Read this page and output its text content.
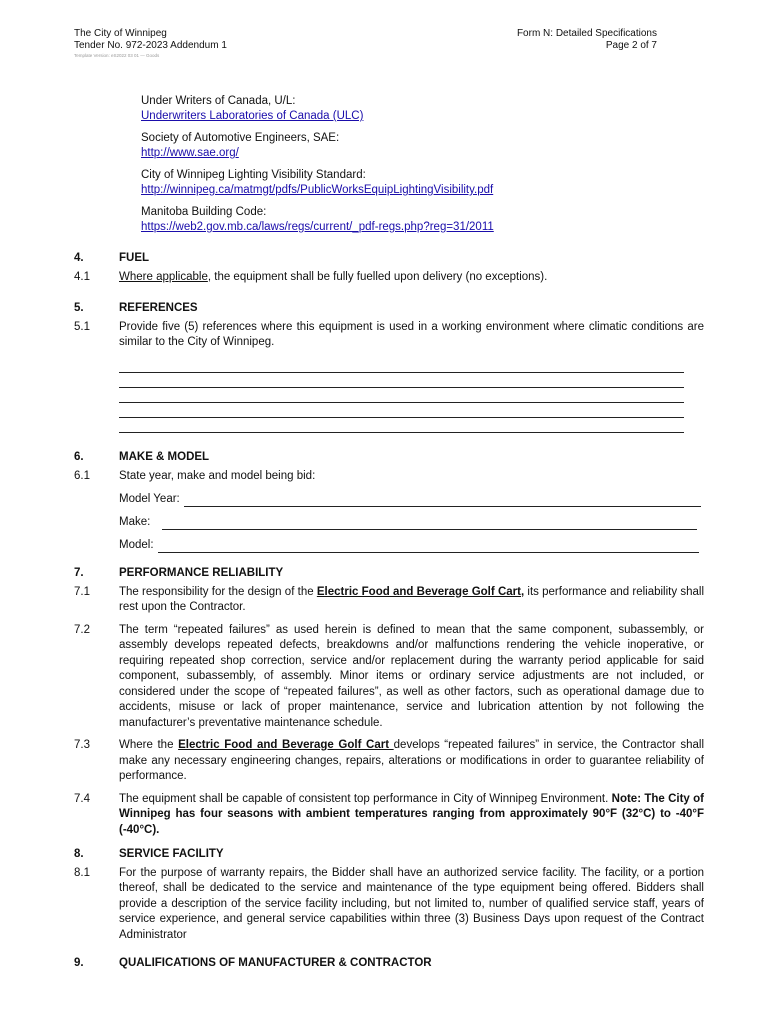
The City of Winnipeg
Tender No. 972-2023 Addendum 1
Template Version: eS2022 03 01 — Goods
Form N: Detailed Specifications
Page 2 of 7
Under Writers of Canada, U/L:
Underwriters Laboratories of Canada (ULC)
Society of Automotive Engineers, SAE:
http://www.sae.org/
City of Winnipeg Lighting Visibility Standard:
http://winnipeg.ca/matmgt/pdfs/PublicWorksEquipLightingVisibility.pdf
Manitoba Building Code:
https://web2.gov.mb.ca/laws/regs/current/_pdf-regs.php?reg=31/2011
4.	FUEL
4.1	Where applicable, the equipment shall be fully fuelled upon delivery (no exceptions).
5.	REFERENCES
5.1	Provide five (5) references where this equipment is used in a working environment where climatic conditions are similar to the City of Winnipeg.
6.	MAKE & MODEL
6.1	State year, make and model being bid:
Model Year:
Make:
Model:
7.	PERFORMANCE RELIABILITY
7.1	The responsibility for the design of the Electric Food and Beverage Golf Cart, its performance and reliability shall rest upon the Contractor.
7.2	The term “repeated failures” as used herein is defined to mean that the same component, subassembly, or assembly develops repeated defects, breakdowns and/or malfunctions rendering the vehicle inoperative, or requiring repeated shop correction, service and/or replacement during the warranty period applicable for said component, subassembly, of assembly. Minor items or ordinary service adjustments are not included, or considered under the scope of “repeated failures”, as well as other factors, such as operational damage due to accidents, misuse or lack of proper maintenance, service and lubrication attention by not following the manufacturer’s preventative maintenance schedule.
7.3	Where the Electric Food and Beverage Golf Cart develops “repeated failures” in service, the Contractor shall make any necessary engineering changes, repairs, alterations or modifications in order to guarantee reliability of performance.
7.4	The equipment shall be capable of consistent top performance in City of Winnipeg Environment. Note: The City of Winnipeg has four seasons with ambient temperatures ranging from approximately 90°F (32°C) to -40°F (-40°C).
8.	SERVICE FACILITY
8.1	For the purpose of warranty repairs, the Bidder shall have an authorized service facility. The facility, or a portion thereof, shall be dedicated to the service and maintenance of the type equipment being offered. Bidders shall provide a description of the service facility including, but not limited to, number of qualified service staff, years of service experience, and general service capabilities within three (3) Business Days upon request of the Contract Administrator
9.	QUALIFICATIONS OF MANUFACTURER & CONTRACTOR
